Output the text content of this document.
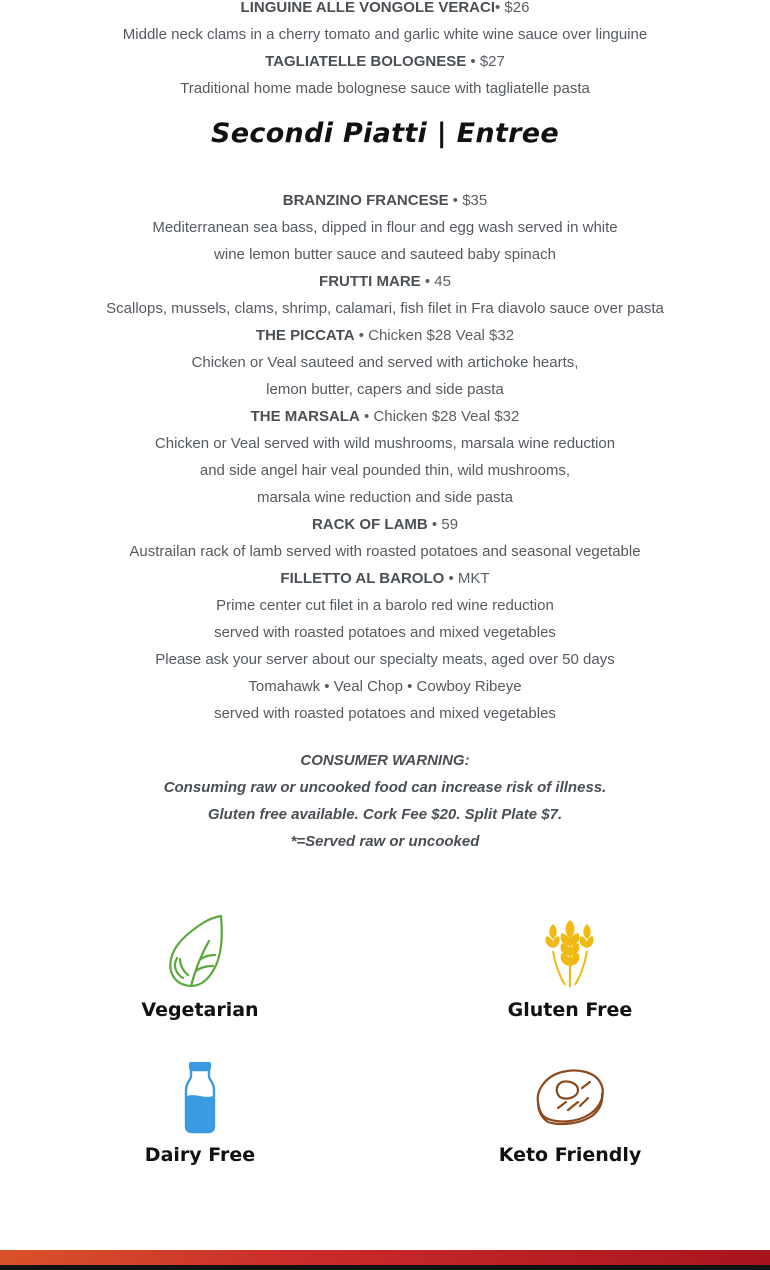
LINGUINE ALLE VONGOLE VERACI• $26
Middle neck clams in a cherry tomato and garlic white wine sauce over linguine
TAGLIATELLE BOLOGNESE • $27
Traditional home made bolognese sauce with tagliatelle pasta
Secondi Piatti | Entree
BRANZINO FRANCESE • $35
Mediterranean sea bass, dipped in flour and egg wash served in white
wine lemon butter sauce and sauteed baby spinach
FRUTTI MARE • 45
Scallops, mussels, clams, shrimp, calamari, fish filet in Fra diavolo sauce over pasta
THE PICCATA • Chicken $28 Veal $32
Chicken or Veal sauteed and served with artichoke hearts,
lemon butter, capers and side pasta
THE MARSALA • Chicken $28 Veal $32
Chicken or Veal served with wild mushrooms, marsala wine reduction
and side angel hair veal pounded thin, wild mushrooms,
marsala wine reduction and side pasta
RACK OF LAMB • 59
Austrailan rack of lamb served with roasted potatoes and seasonal vegetable
FILLETTO AL BAROLO • MKT
Prime center cut filet in a barolo red wine reduction
served with roasted potatoes and mixed vegetables
Please ask your server about our specialty meats, aged over 50 days
Tomahawk • Veal Chop • Cowboy Ribeye
served with roasted potatoes and mixed vegetables
CONSUMER WARNING:
Consuming raw or uncooked food can increase risk of illness.
Gluten free available. Cork Fee $20. Split Plate $7.
*=Served raw or uncooked
Vegetarian	Gluten Free
Dairy Free	Keto Friendly
